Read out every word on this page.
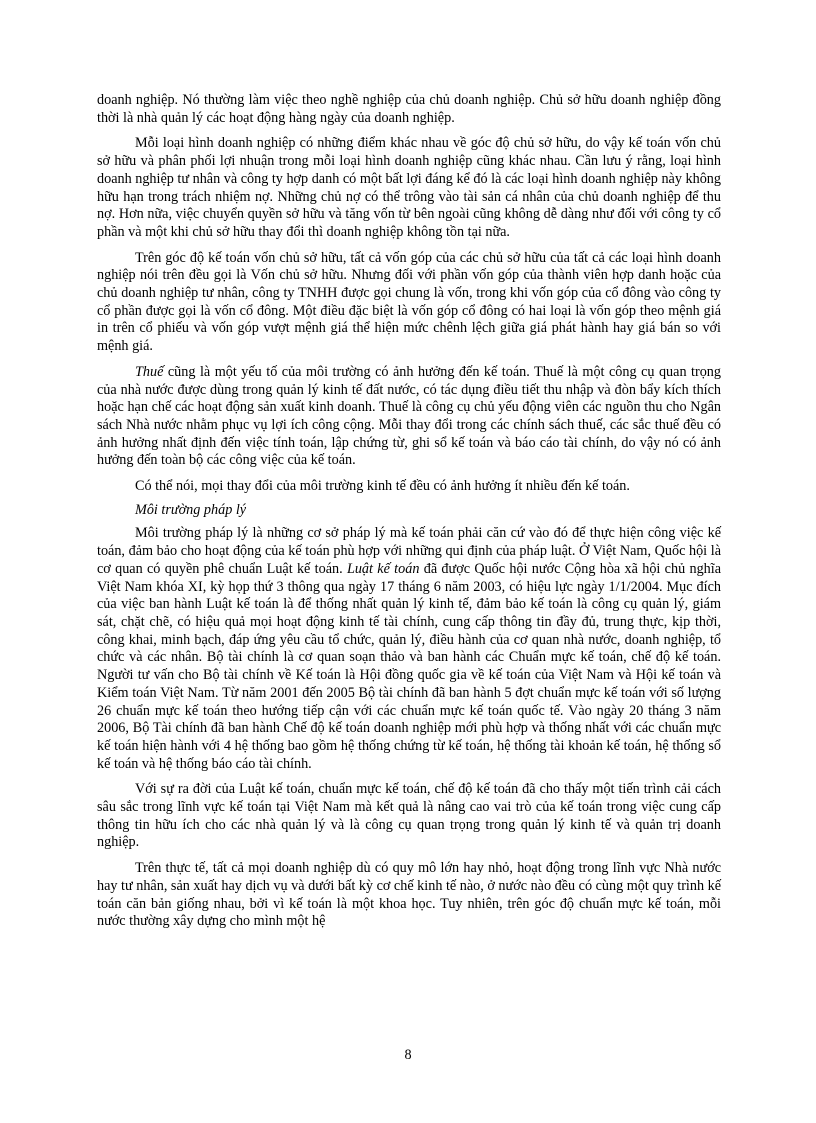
doanh nghiệp. Nó thường làm việc theo nghề nghiệp của chủ doanh nghiệp. Chủ sở hữu doanh nghiệp đồng thời là nhà quản lý các hoạt động hàng ngày của doanh nghiệp.

Mỗi loại hình doanh nghiệp có những điểm khác nhau về góc độ chủ sở hữu, do vậy kế toán vốn chủ sở hữu và phân phối lợi nhuận trong mỗi loại hình doanh nghiệp cũng khác nhau. Cần lưu ý rằng, loại hình doanh nghiệp tư nhân và công ty hợp danh có một bất lợi đáng kể đó là các loại hình doanh nghiệp này không hữu hạn trong trách nhiệm nợ. Những chủ nợ có thể trông vào tài sản cá nhân của chủ doanh nghiệp để thu nợ. Hơn nữa, việc chuyển quyền sở hữu và tăng vốn từ bên ngoài cũng không dễ dàng như đối với công ty cổ phần và một khi chủ sở hữu thay đổi thì doanh nghiệp không tồn tại nữa.

Trên góc độ kế toán vốn chủ sở hữu, tất cả vốn góp của các chủ sở hữu của tất cả các loại hình doanh nghiệp nói trên đều gọi là Vốn chủ sở hữu. Nhưng đối với phần vốn góp của thành viên hợp danh hoặc của chủ doanh nghiệp tư nhân, công ty TNHH được gọi chung là vốn, trong khi vốn góp của cổ đông vào công ty cổ phần được gọi là vốn cổ đông. Một điều đặc biệt là vốn góp cổ đông có hai loại là vốn góp theo mệnh giá in trên cổ phiếu và vốn góp vượt mệnh giá thể hiện mức chênh lệch giữa giá phát hành hay giá bán so với mệnh giá.

Thuế cũng là một yếu tố của môi trường có ảnh hưởng đến kế toán. Thuế là một công cụ quan trọng của nhà nước được dùng trong quản lý kinh tế đất nước, có tác dụng điều tiết thu nhập và đòn bẩy kích thích hoặc hạn chế các hoạt động sản xuất kinh doanh. Thuế là công cụ chủ yếu động viên các nguồn thu cho Ngân sách Nhà nước nhằm phục vụ lợi ích công cộng. Mỗi thay đổi trong các chính sách thuế, các sắc thuế đều có ảnh hưởng nhất định đến việc tính toán, lập chứng từ, ghi sổ kế toán và báo cáo tài chính, do vậy nó có ảnh hưởng đến toàn bộ các công việc của kế toán.

Có thể nói, mọi thay đổi của môi trường kinh tế đều có ảnh hưởng ít nhiều đến kế toán.

Môi trường pháp lý

Môi trường pháp lý là những cơ sở pháp lý mà kế toán phải căn cứ vào đó để thực hiện công việc kế toán, đảm bảo cho hoạt động của kế toán phù hợp với những qui định của pháp luật. Ở Việt Nam, Quốc hội là cơ quan có quyền phê chuẩn Luật kế toán. Luật kế toán đã được Quốc hội nước Cộng hòa xã hội chủ nghĩa Việt Nam khóa XI, kỳ họp thứ 3 thông qua ngày 17 tháng 6 năm 2003, có hiệu lực ngày 1/1/2004. Mục đích của việc ban hành Luật kế toán là để thống nhất quản lý kinh tế, đảm bảo kế toán là công cụ quản lý, giám sát, chặt chẽ, có hiệu quả mọi hoạt động kinh tế tài chính, cung cấp thông tin đầy đủ, trung thực, kịp thời, công khai, minh bạch, đáp ứng yêu cầu tổ chức, quản lý, điều hành của cơ quan nhà nước, doanh nghiệp, tổ chức và các nhân. Bộ tài chính là cơ quan soạn thảo và ban hành các Chuẩn mực kế toán, chế độ kế toán. Người tư vấn cho Bộ tài chính về Kế toán là Hội đồng quốc gia về kế toán của Việt Nam và Hội kế toán và Kiểm toán Việt Nam. Từ năm 2001 đến 2005 Bộ tài chính đã ban hành 5 đợt chuẩn mực kế toán với số lượng 26 chuẩn mực kế toán theo hướng tiếp cận với các chuẩn mực kế toán quốc tế. Vào ngày 20 tháng 3 năm 2006, Bộ Tài chính đã ban hành Chế độ kế toán doanh nghiệp mới phù hợp và thống nhất với các chuẩn mực kế toán hiện hành với 4 hệ thống bao gồm hệ thống chứng từ kế toán, hệ thống tài khoản kế toán, hệ thống sổ kế toán và hệ thống báo cáo tài chính.

Với sự ra đời của Luật kế toán, chuẩn mực kế toán, chế độ kế toán đã cho thấy một tiến trình cải cách sâu sắc trong lĩnh vực kế toán tại Việt Nam mà kết quả là nâng cao vai trò của kế toán trong việc cung cấp thông tin hữu ích cho các nhà quản lý và là công cụ quan trọng trong quản lý kinh tế và quản trị doanh nghiệp.

Trên thực tế, tất cả mọi doanh nghiệp dù có quy mô lớn hay nhỏ, hoạt động trong lĩnh vực Nhà nước hay tư nhân, sản xuất hay dịch vụ và dưới bất kỳ cơ chế kinh tế nào, ở nước nào đều có cùng một quy trình kế toán căn bản giống nhau, bởi vì kế toán là một khoa học. Tuy nhiên, trên góc độ chuẩn mực kế toán, mỗi nước thường xây dựng cho mình một hệ

8
